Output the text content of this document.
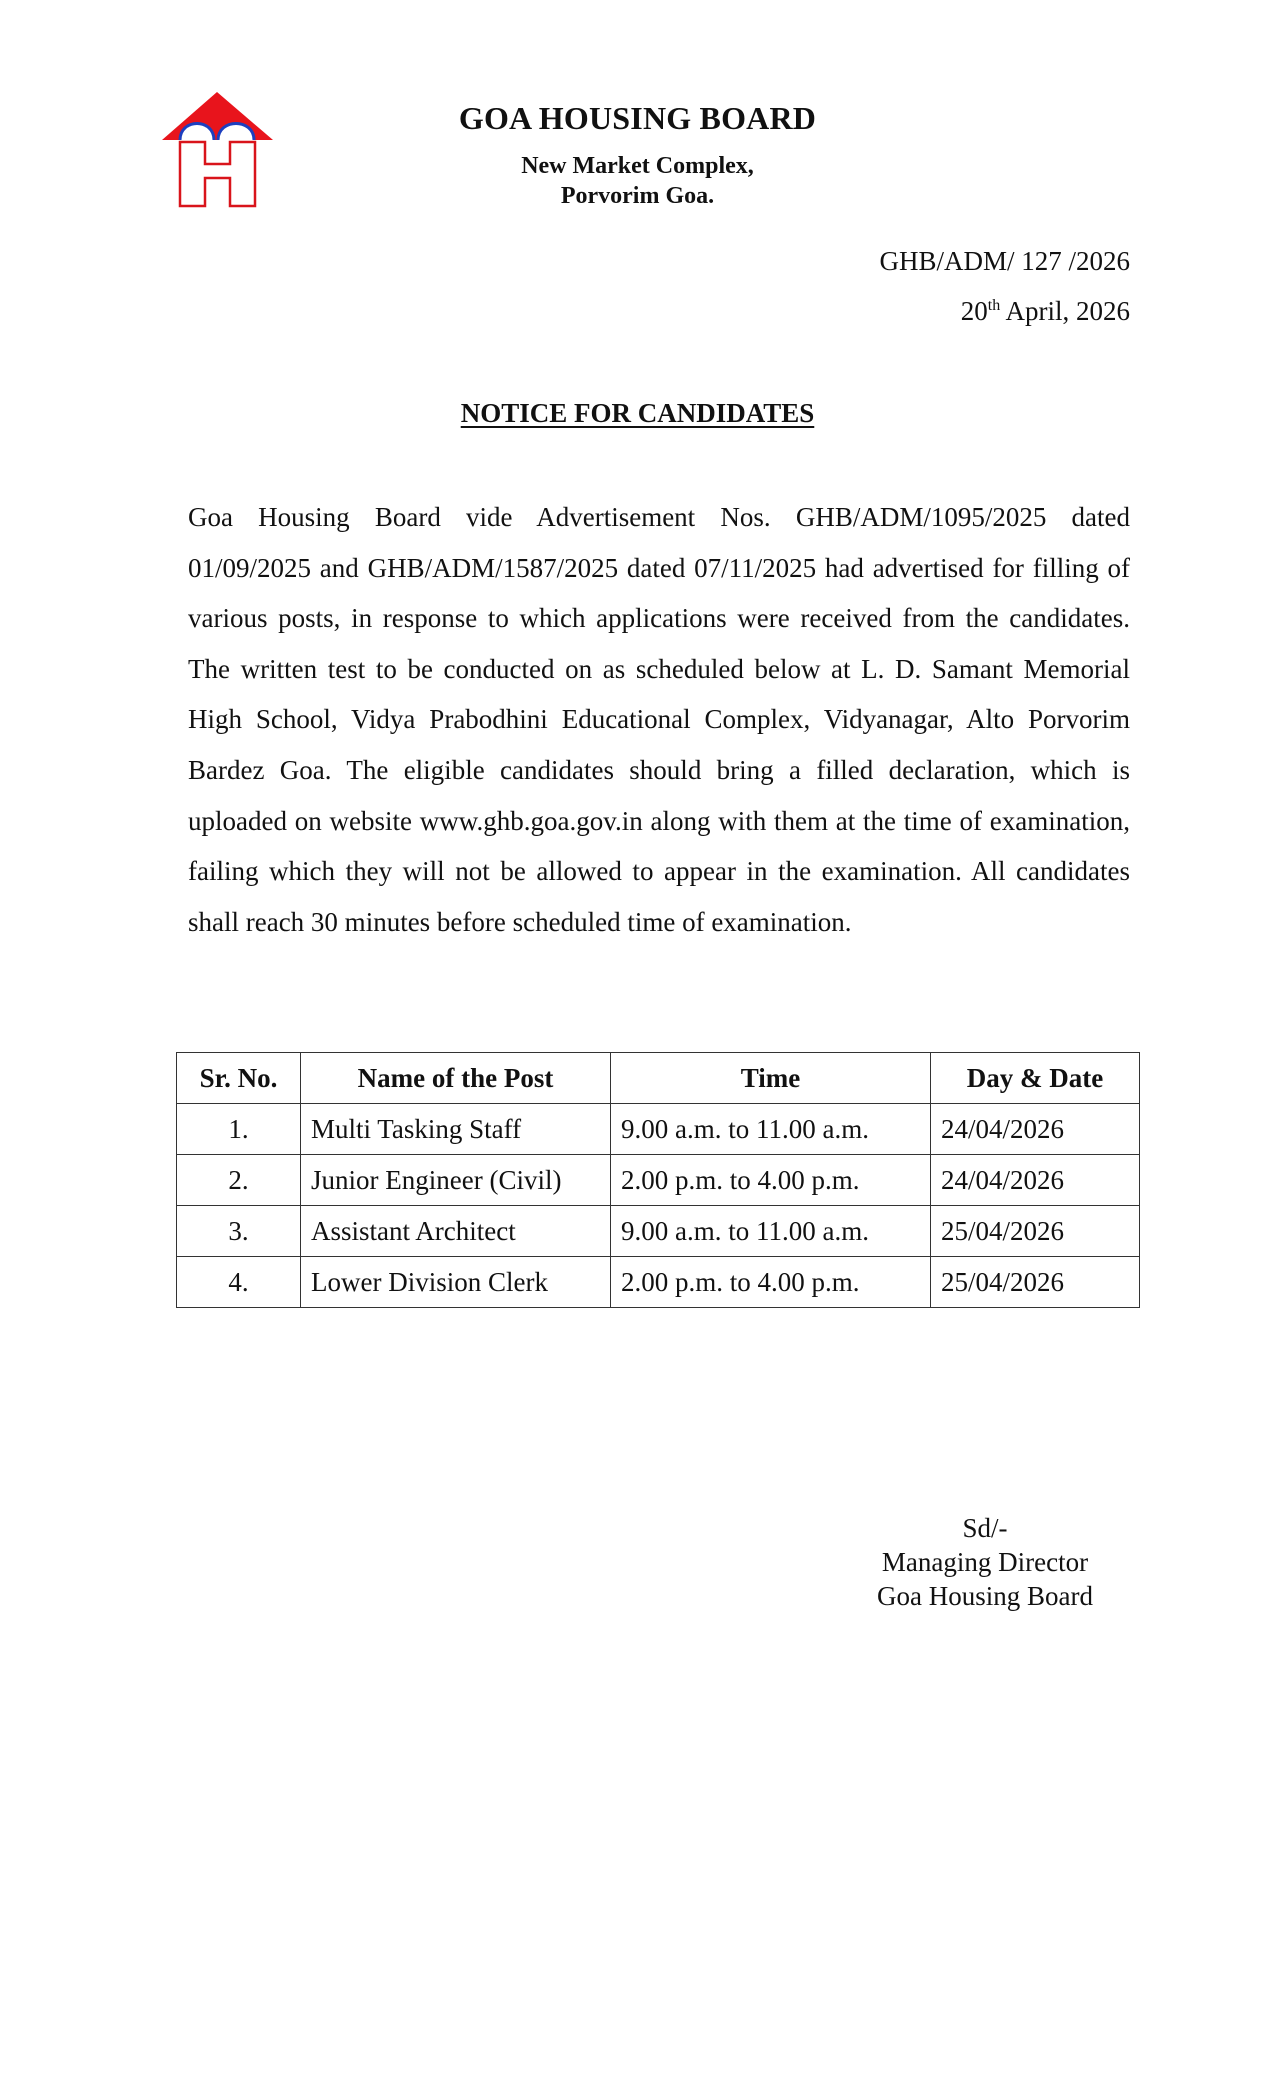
GOA HOUSING BOARD
New Market Complex,
Porvorim Goa.
GHB/ADM/ 127 /2026
20th April, 2026
NOTICE FOR CANDIDATES

Goa Housing Board vide Advertisement Nos. GHB/ADM/1095/2025 dated 01/09/2025 and GHB/ADM/1587/2025 dated 07/11/2025 had advertised for filling of various posts, in response to which applications were received from the candidates. The written test to be conducted on as scheduled below at L. D. Samant Memorial High School, Vidya Prabodhini Educational Complex, Vidyanagar, Alto Porvorim Bardez Goa. The eligible candidates should bring a filled declaration, which is uploaded on website www.ghb.goa.gov.in along with them at the time of examination, failing which they will not be allowed to appear in the examination. All candidates shall reach 30 minutes before scheduled time of examination.

Sr. No.	Name of the Post	Time	Day & Date
1.	Multi Tasking Staff	9.00 a.m. to 11.00 a.m.	24/04/2026
2.	Junior Engineer (Civil)	2.00 p.m. to 4.00 p.m.	24/04/2026
3.	Assistant Architect	9.00 a.m. to 11.00 a.m.	25/04/2026
4.	Lower Division Clerk	2.00 p.m. to 4.00 p.m.	25/04/2026
Sd/-
Managing Director
Goa Housing Board
